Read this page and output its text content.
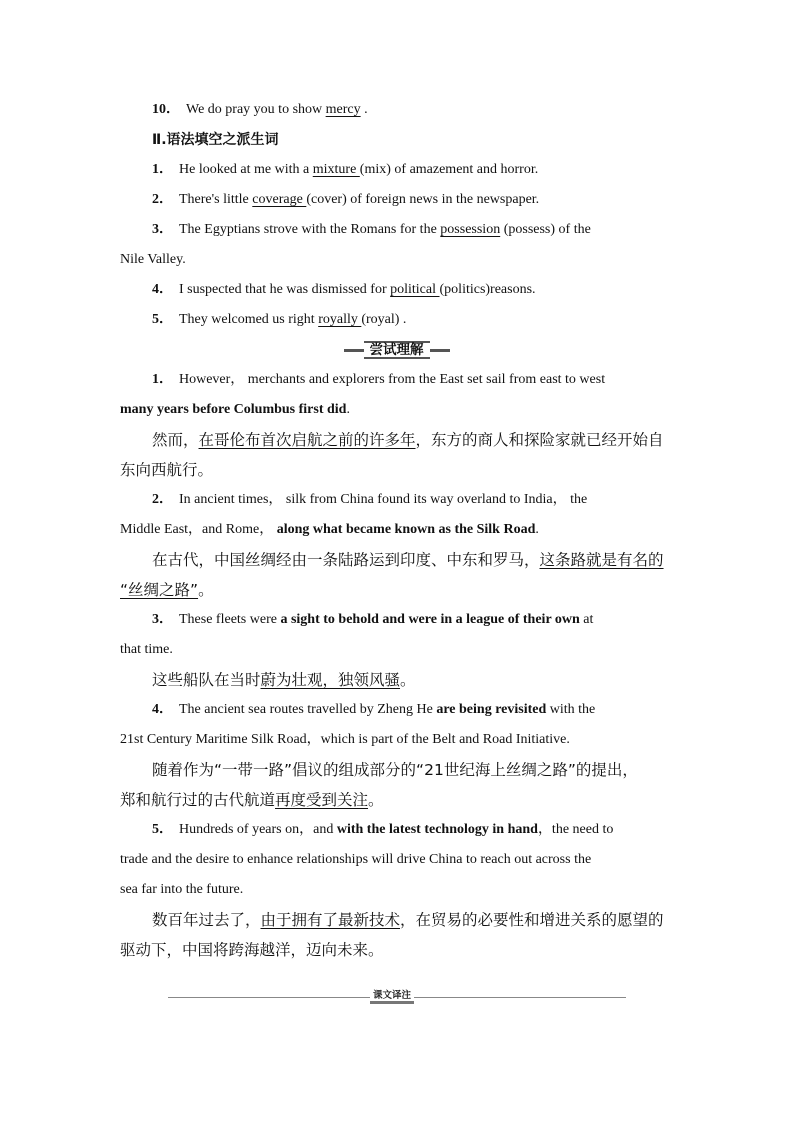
10． We do pray you to show mercy .
Ⅱ.语法填空之派生词
1． He looked at me with a mixture (mix) of amazement and horror.
2． There's little coverage (cover) of foreign news in the newspaper.
3． The Egyptians strove with the Romans for the possession (possess) of the
Nile Valley.
4． I suspected that he was dismissed for political (politics)reasons.
5． They welcomed us right royally (royal) .
尝试理解
1． However， merchants and explorers from the East set sail from east to west
many years before Columbus first did.
然而，在哥伦布首次启航之前的许多年，东方的商人和探险家就已经开始自
东向西航行。
2． In ancient times， silk from China found its way overland to India， the
Middle East，and Rome， along what became known as the Silk Road.
在古代，中国丝绸经由一条陆路运到印度、中东和罗马，这条路就是有名的
“丝绸之路”。
3． These fleets were a sight to behold and were in a league of their own at
that time.
这些船队在当时蔚为壮观，独领风骚。
4． The ancient sea routes travelled by Zheng He are being revisited with the
21st Century Maritime Silk Road，which is part of the Belt and Road Initiative.
随着作为“一带一路”倡议的组成部分的“21世纪海上丝绸之路”的提出，
郑和航行过的古代航道再度受到关注。
5． Hundreds of years on，and with the latest technology in hand，the need to
trade and the desire to enhance relationships will drive China to reach out across the
sea far into the future.
数百年过去了，由于拥有了最新技术，在贸易的必要性和增进关系的愿望的
驱动下，中国将跨海越洋，迈向未来。
课文译注
